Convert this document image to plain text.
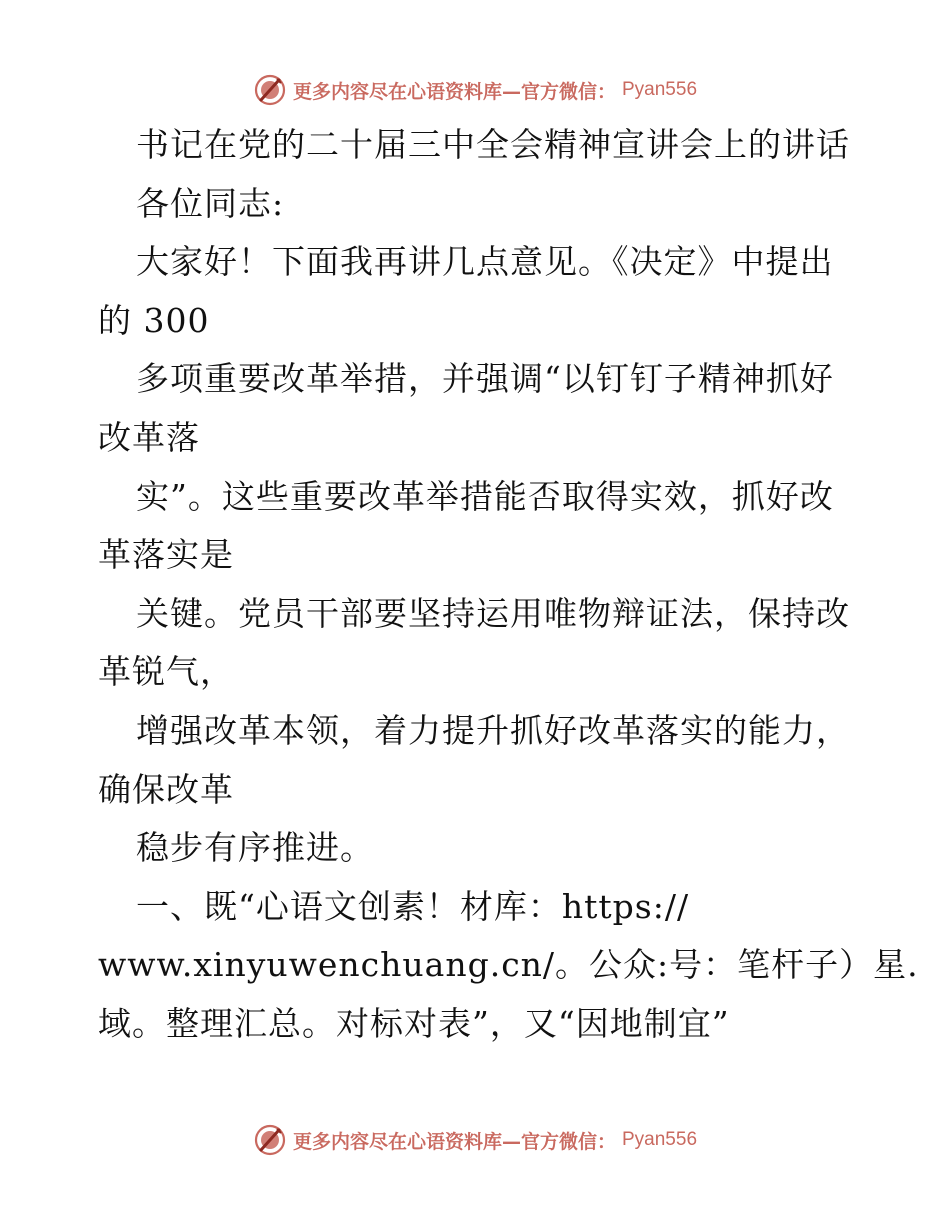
更多内容尽在心语资料库—官方微信： Pyan556
书记在党的二十届三中全会精神宣讲会上的讲话
各位同志:
大家好！下面我再讲几点意见。《决定》中提出
的 300
多项重要改革举措，并强调“以钉钉子精神抓好
改革落
实”。这些重要改革举措能否取得实效，抓好改
革落实是
关键。党员干部要坚持运用唯物辩证法，保持改
革锐气，
增强改革本领，着力提升抓好改革落实的能力，
确保改革
稳步有序推进。
一、既“心语文创素！材库：https://
www.xinyuwenchuang.cn/。公众:号：笔杆子）星.
域。整理汇总。对标对表”，又“因地制宜”
更多内容尽在心语资料库—官方微信： Pyan556
